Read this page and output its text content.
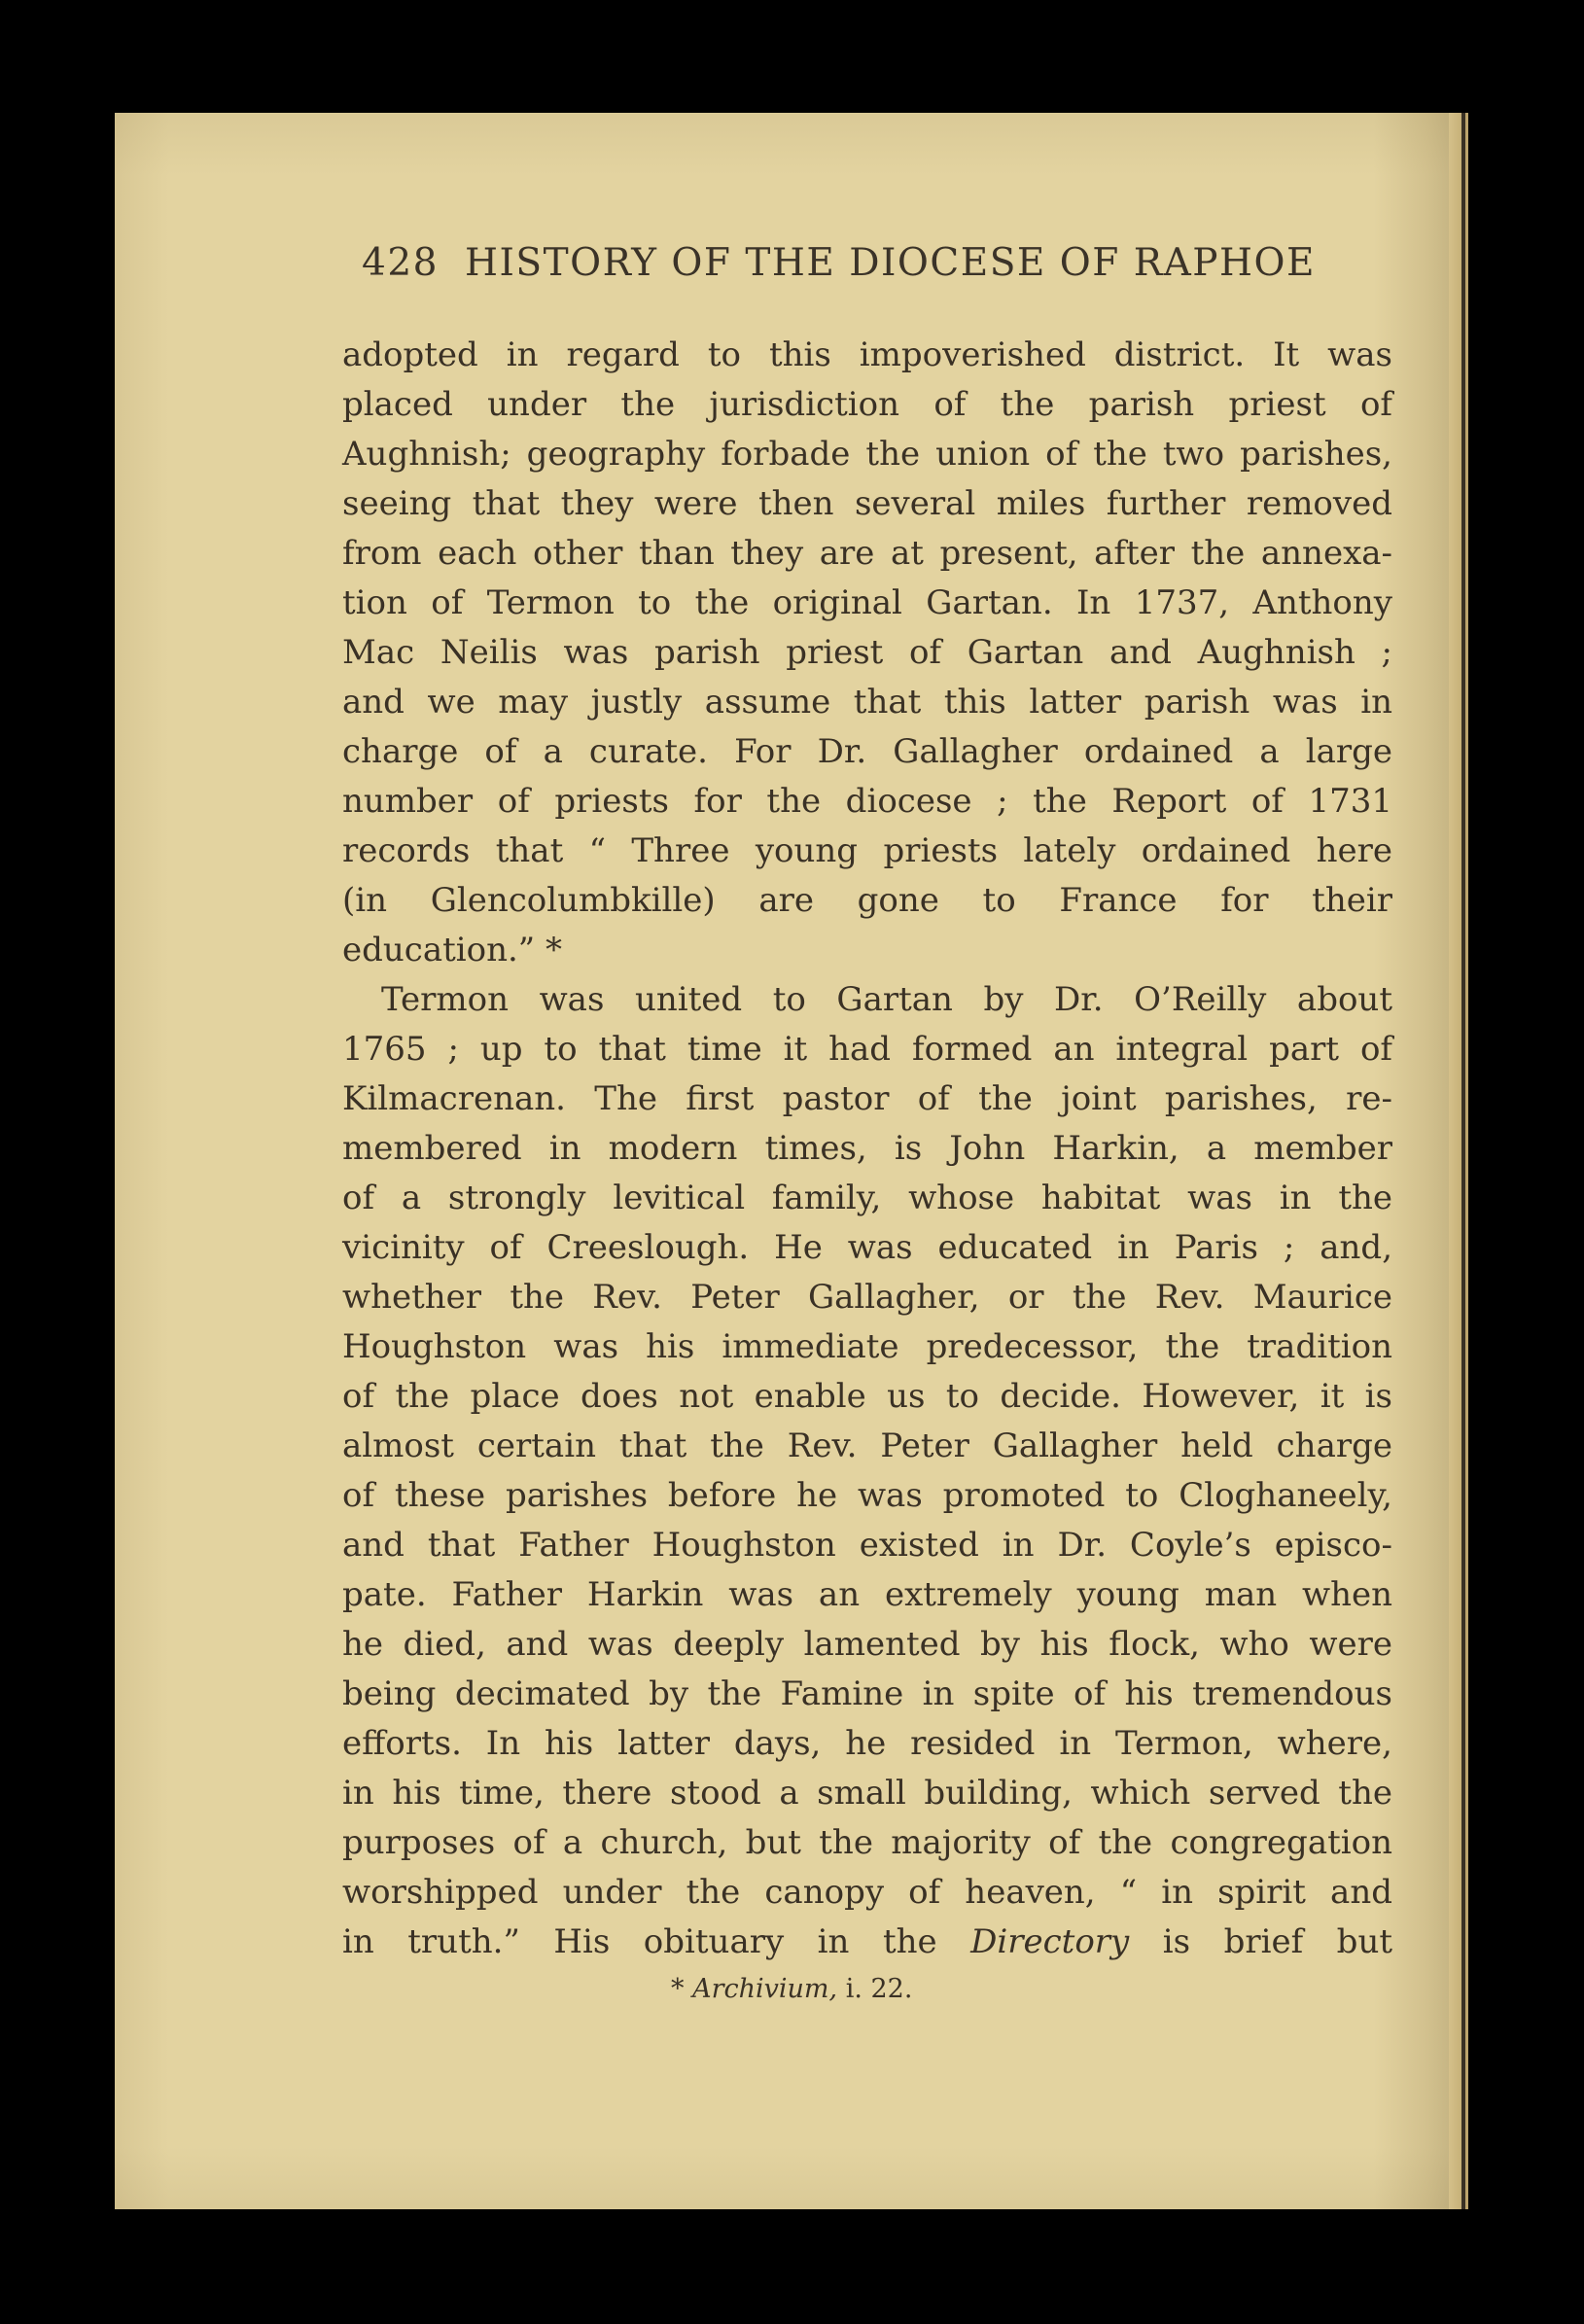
428 HISTORY OF THE DIOCESE OF RAPHOE
adopted in regard to this impoverished district. It was
placed under the jurisdiction of the parish priest of
Aughnish; geography forbade the union of the two parishes,
seeing that they were then several miles further removed
from each other than they are at present, after the annexa-
tion of Termon to the original Gartan. In 1737, Anthony
Mac Neilis was parish priest of Gartan and Aughnish ;
and we may justly assume that this latter parish was in
charge of a curate. For Dr. Gallagher ordained a large
number of priests for the diocese ; the Report of 1731
records that “ Three young priests lately ordained here
(in Glencolumbkille) are gone to France for their
education.” *
Termon was united to Gartan by Dr. O’Reilly about
1765 ; up to that time it had formed an integral part of
Kilmacrenan. The first pastor of the joint parishes, re-
membered in modern times, is John Harkin, a member
of a strongly levitical family, whose habitat was in the
vicinity of Creeslough. He was educated in Paris ; and,
whether the Rev. Peter Gallagher, or the Rev. Maurice
Houghston was his immediate predecessor, the tradition
of the place does not enable us to decide. However, it is
almost certain that the Rev. Peter Gallagher held charge
of these parishes before he was promoted to Cloghaneely,
and that Father Houghston existed in Dr. Coyle’s episco-
pate. Father Harkin was an extremely young man when
he died, and was deeply lamented by his flock, who were
being decimated by the Famine in spite of his tremendous
efforts. In his latter days, he resided in Termon, where,
in his time, there stood a small building, which served the
purposes of a church, but the majority of the congregation
worshipped under the canopy of heaven, “ in spirit and
in truth.” His obituary in the Directory is brief but
* Archivium, i. 22.
